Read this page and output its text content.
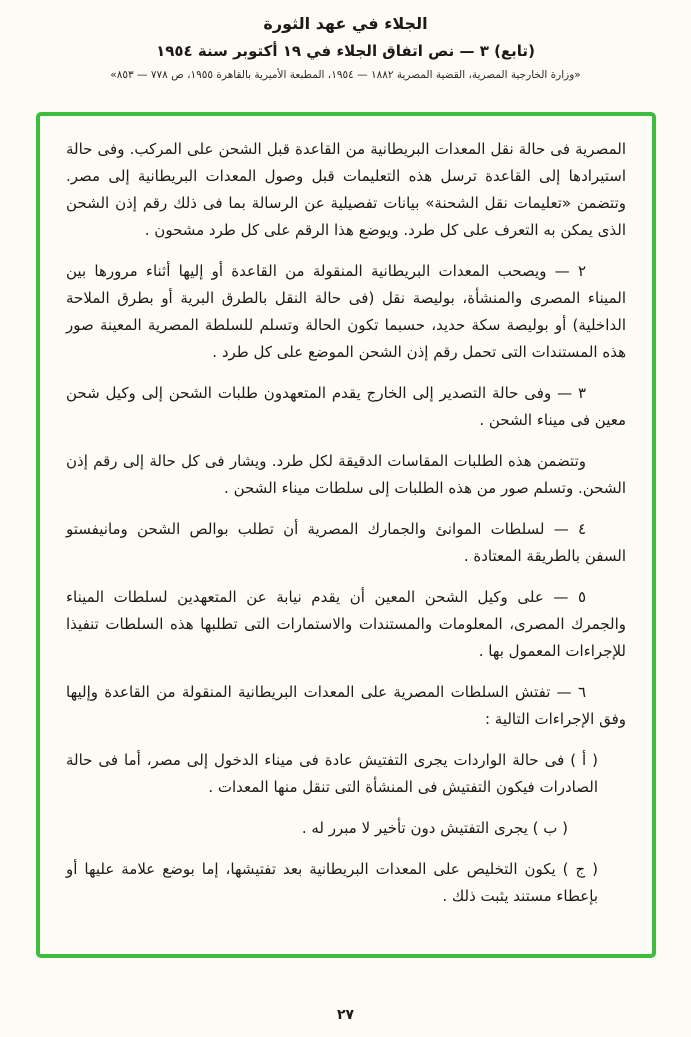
الجلاء في عهد الثورة
(تابع) ٣ — نص اتفاق الجلاء في ١٩ أكتوبر سنة ١٩٥٤
«وزارة الخارجية المصرية، القضية المصرية ١٨٨٢ — ١٩٥٤، المطبعة الأميرية بالقاهرة ١٩٥٥، ص ٧٧٨ — ٨٥٣»

المصرية فى حالة نقل المعدات البريطانية من القاعدة قبل الشحن على المركب. وفى حالة استيرادها إلى القاعدة ترسل هذه التعليمات قبل وصول المعدات البريطانية إلى مصر. وتتضمن «تعليمات نقل الشحنة» بيانات تفصيلية عن الرسالة بما فى ذلك رقم إذن الشحن الذى يمكن به التعرف على كل طرد. ويوضع هذا الرقم على كل طرد مشحون .

٢ — ويصحب المعدات البريطانية المنقولة من القاعدة أو إليها أثناء مرورها بين الميناء المصرى والمنشأة، بوليصة نقل (فى حالة النقل بالطرق البرية أو بطرق الملاحة الداخلية) أو بوليصة سكة حديد، حسبما تكون الحالة وتسلم للسلطة المصرية المعينة صور هذه المستندات التى تحمل رقم إذن الشحن الموضع على كل طرد .

٣ — وفى حالة التصدير إلى الخارج يقدم المتعهدون طلبات الشحن إلى وكيل شحن معين فى ميناء الشحن .

وتتضمن هذه الطلبات المقاسات الدقيقة لكل طرد. ويشار فى كل حالة إلى رقم إذن الشحن. وتسلم صور من هذه الطلبات إلى سلطات ميناء الشحن .

٤ — لسلطات الموانئ والجمارك المصرية أن تطلب بوالص الشحن ومانيفستو السفن بالطريقة المعتادة .

٥ — على وكيل الشحن المعين أن يقدم نيابة عن المتعهدين لسلطات الميناء والجمرك المصرى، المعلومات والمستندات والاستمارات التى تطلبها هذه السلطات تنفيذا للإجراءات المعمول بها .

٦ — تفتش السلطات المصرية على المعدات البريطانية المنقولة من القاعدة وإليها وفق الإجراءات التالية :

( أ ) فى حالة الواردات يجرى التفتيش عادة فى ميناء الدخول إلى مصر، أما فى حالة الصادرات فيكون التفتيش فى المنشأة التى تنقل منها المعدات .

( ب ) يجرى التفتيش دون تأخير لا مبرر له .

( ج ) يكون التخليص على المعدات البريطانية بعد تفتيشها، إما بوضع علامة عليها أو بإعطاء مستند يثبت ذلك .

٢٧
